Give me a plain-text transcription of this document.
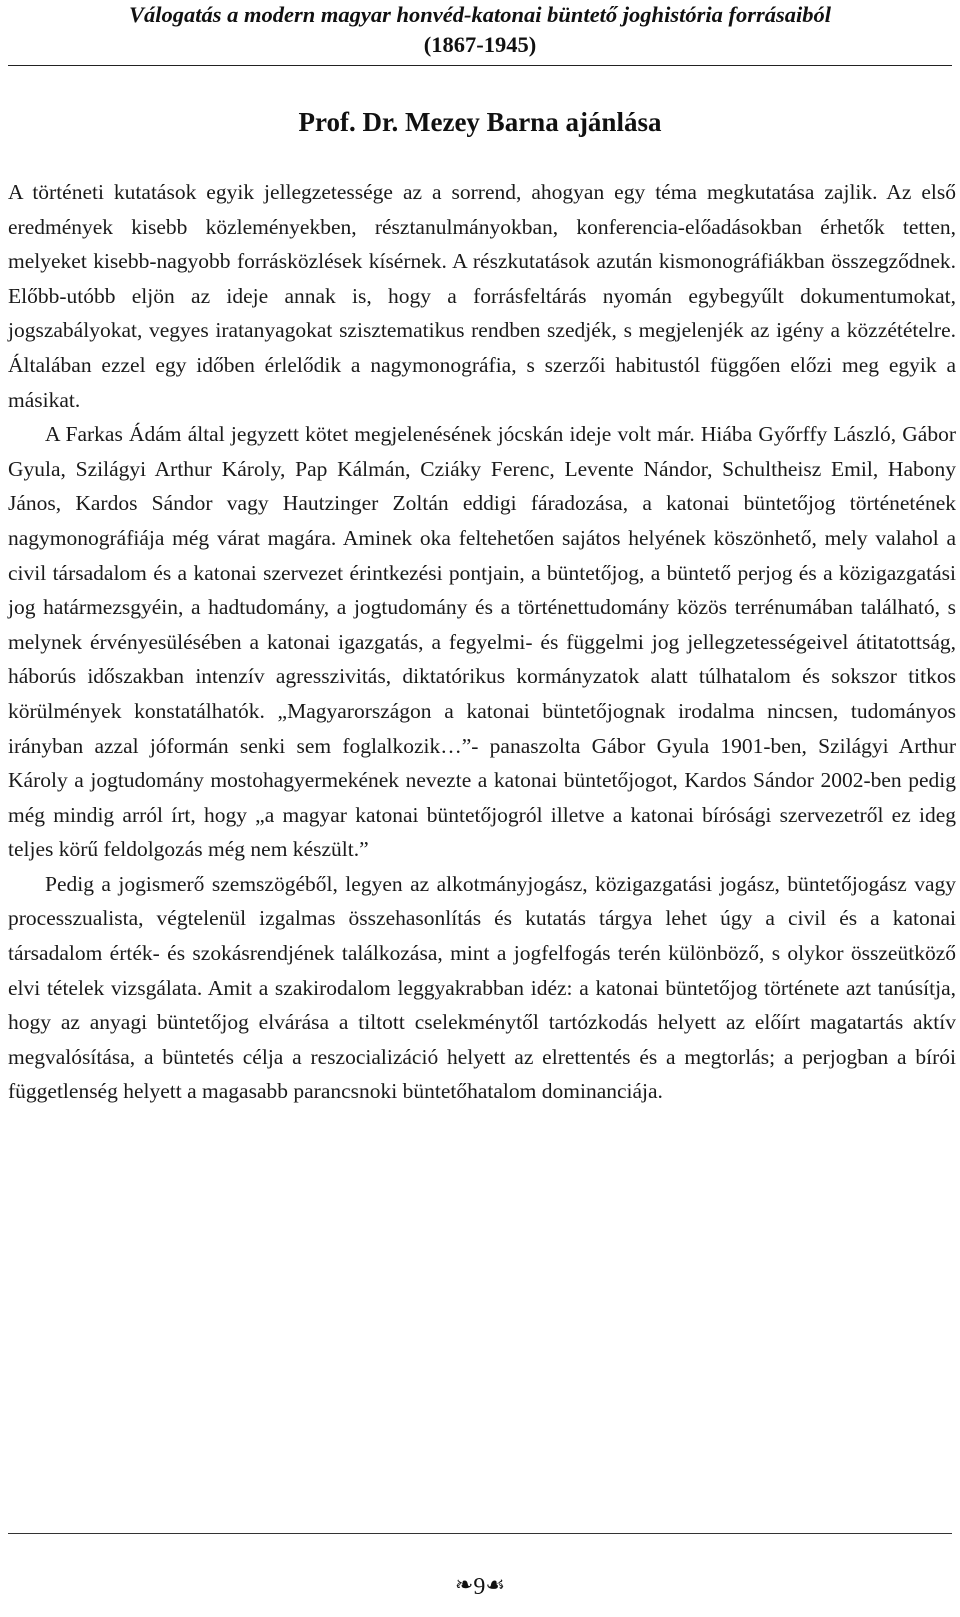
Válogatás a modern magyar honvéd-katonai büntető joghistória forrásaiból
(1867-1945)
Prof. Dr. Mezey Barna ajánlása

A történeti kutatások egyik jellegzetessége az a sorrend, ahogyan egy téma megkutatása zajlik. Az első eredmények kisebb közleményekben, résztanulmányokban, konferencia-előadásokban érhetők tetten, melyeket kisebb-nagyobb forrásközlések kísérnek. A részkutatások azután kismonográfiákban összegződnek. Előbb-utóbb eljön az ideje annak is, hogy a forrásfeltárás nyomán egybegyűlt dokumentumokat, jogszabályokat, vegyes iratanyagokat szisztematikus rendben szedjék, s megjelenjék az igény a közzétételre. Általában ezzel egy időben érlelődik a nagymonográfia, s szerzői habitustól függően előzi meg egyik a másikat.

A Farkas Ádám által jegyzett kötet megjelenésének jócskán ideje volt már. Hiába Győrffy László, Gábor Gyula, Szilágyi Arthur Károly, Pap Kálmán, Cziáky Ferenc, Levente Nándor, Schultheisz Emil, Habony János, Kardos Sándor vagy Hautzinger Zoltán eddigi fáradozása, a katonai büntetőjog történetének nagymonográfiája még várat magára. Aminek oka feltehetően sajátos helyének köszönhető, mely valahol a civil társadalom és a katonai szervezet érintkezési pontjain, a büntetőjog, a büntető perjog és a közigazgatási jog határmezsgyéin, a hadtudomány, a jogtudomány és a történettudomány közös terrénumában található, s melynek érvényesülésében a katonai igazgatás, a fegyelmi- és függelmi jog jellegzetességeivel átitatottság, háborús időszakban intenzív agresszivitás, diktatórikus kormányzatok alatt túlhatalom és sokszor titkos körülmények konstatálhatók. „Magyarországon a katonai büntetőjognak irodalma nincsen, tudományos irányban azzal jóformán senki sem foglalkozik…”- panaszolta Gábor Gyula 1901-ben, Szilágyi Arthur Károly a jogtudomány mostohagyermekének nevezte a katonai büntetőjogot, Kardos Sándor 2002-ben pedig még mindig arról írt, hogy „a magyar katonai büntetőjogról illetve a katonai bírósági szervezetről ez ideg teljes körű feldolgozás még nem készült.”

Pedig a jogismerő szemszögéből, legyen az alkotmányjogász, közigazgatási jogász, büntetőjogász vagy processzualista, végtelenül izgalmas összehasonlítás és kutatás tárgya lehet úgy a civil és a katonai társadalom érték- és szokásrendjének találkozása, mint a jogfelfogás terén különböző, s olykor összeütköző elvi tételek vizsgálata. Amit a szakirodalom leggyakrabban idéz: a katonai büntetőjog története azt tanúsítja, hogy az anyagi büntetőjog elvárása a tiltott cselekménytől tartózkodás helyett az előírt magatartás aktív megvalósítása, a büntetés célja a reszocializáció helyett az elrettentés és a megtorlás; a perjogban a bírói függetlenség helyett a magasabb parancsnoki büntetőhatalom dominanciája.

❧9☙
